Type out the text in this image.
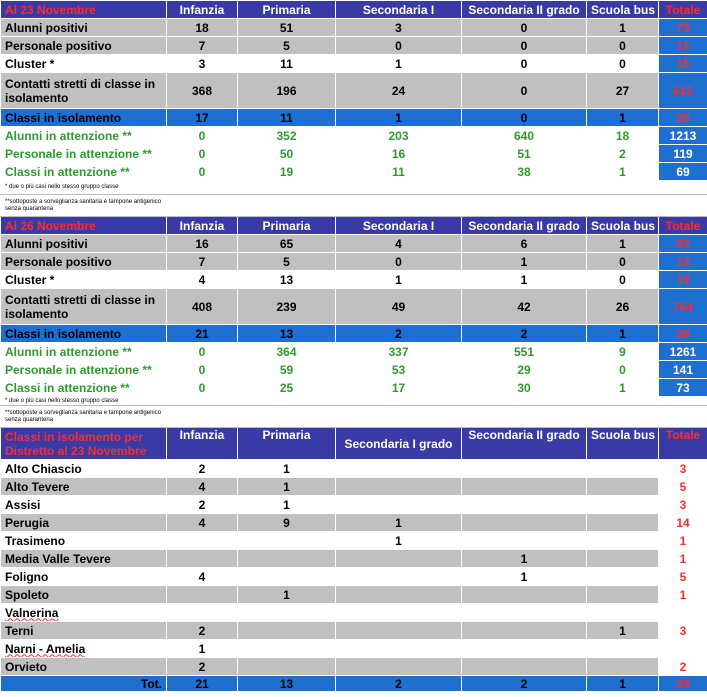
Al 23 Novembre	Infanzia	Primaria	Secondaria I	Secondaria II grado	Scuola bus	Totale
Alunni positivi	18	51	3	0	1	73
Personale positivo	7	5	0	0	0	12
Cluster *	3	11	1	0	0	15
Contatti stretti di classe in isolamento	368	196	24	0	27	615
Classi in isolamento	17	11	1	0	1	30
Alunni in attenzione **	0	352	203	640	18	1213
Personale in attenzione **	0	50	16	51	2	119
Classi in attenzione **	0	19	11	38	1	69
* due o più casi nello stesso gruppo classe						
**sottoposte a sorveglianza sanitaria e tampone antigenico senza quarantena						
Al 26 Novembre	Infanzia	Primaria	Secondaria I	Secondaria II grado	Scuola bus	Totale
Alunni positivi	16	65	4	6	1	92
Personale positivo	7	5	0	1	0	13
Cluster *	4	13	1	1	0	19
Contatti stretti di classe in isolamento	408	239	49	42	26	764
Classi in isolamento	21	13	2	2	1	39
Alunni in attenzione **	0	364	337	551	9	1261
Personale in attenzione **	0	59	53	29	0	141
Classi in attenzione **	0	25	17	30	1	73
* due o più casi nello stesso gruppo classe						
**sottoposte a sorveglianza sanitaria e tampone antigenico senza quarantena						
Classi in isolamento per Distretto al 23 Novembre	Infanzia	Primaria	Secondaria I grado	Secondaria II grado	Scuola bus	Totale
Alto Chiascio	2	1				3
Alto Tevere	4	1				5
Assisi	2	1				3
Perugia	4	9	1			14
Trasimeno			1			1
Media Valle Tevere				1		1
Foligno	4			1		5
Spoleto		1				1
Valnerina						
Terni	2				1	3
Narni - Amelia	1					
Orvieto	2					2
Tot.	21	13	2	2	1	39
